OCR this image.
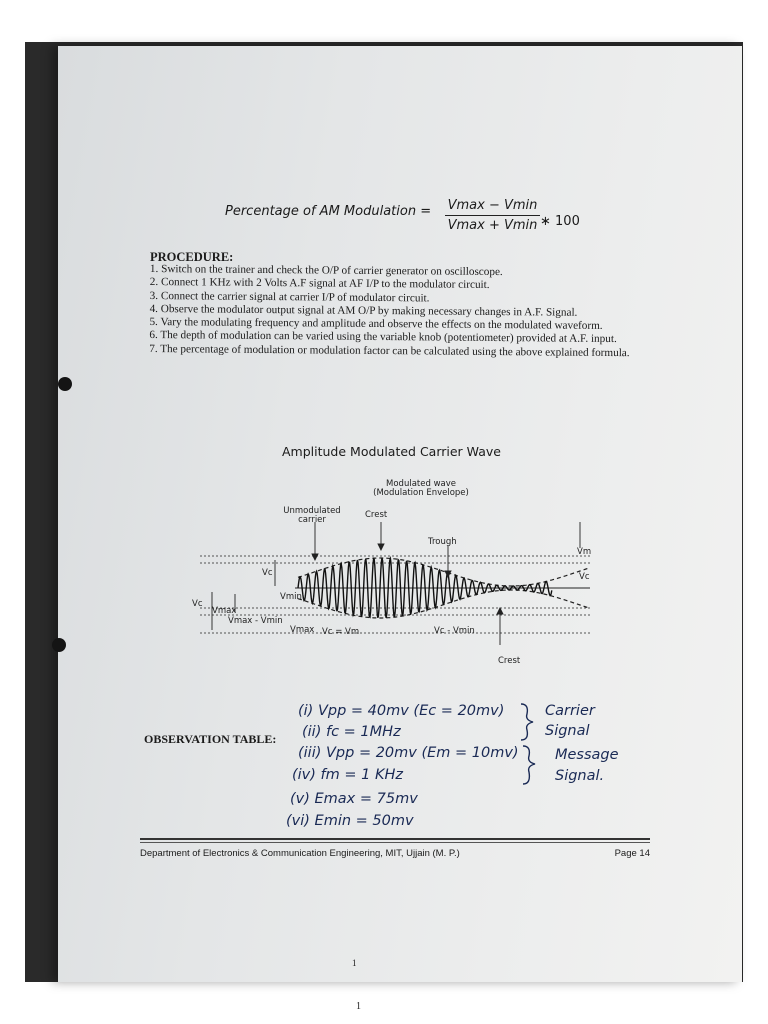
Percentage of AM Modulation = Vmax − Vmin
Vmax + Vmin ∗ 100
PROCEDURE:
1. Switch on the trainer and check the O/P of carrier generator on oscilloscope.
2. Connect 1 KHz with 2 Volts A.F signal at AF I/P to the modulator circuit.
3. Connect the carrier signal at carrier I/P of modulator circuit.
4. Observe the modulator output signal at AM O/P by making necessary changes in A.F. Signal.
5. Vary the modulating frequency and amplitude and observe the effects on the modulated waveform.
6. The depth of modulation can be varied using the variable knob (potentiometer) provided at A.F. input.
7. The percentage of modulation or modulation factor can be calculated using the above explained formula.
Amplitude Modulated Carrier Wave
Modulated wave
(Modulation Envelope)
Unmodulated
carrier	Crest
Trough
Vm
Vc	Vc
Vmin
Vc
Vmax
Vmax - Vmin
Vmax Vc = Vm	Vc - Vmin
Crest
OBSERVATION TABLE:
(i) Vpp = 40mv (Ec = 20mv)
(ii) fc = 1MHz
(iii) Vpp = 20mv (Em = 10mv)
(iv) fm = 1 KHz
(v) Emax = 75mv
(vi) Emin = 50mv
Carrier
Signal
Message
Signal.
Department of Electronics & Communication Engineering, MIT, Ujjain (M. P.)	Page 14
1
1
